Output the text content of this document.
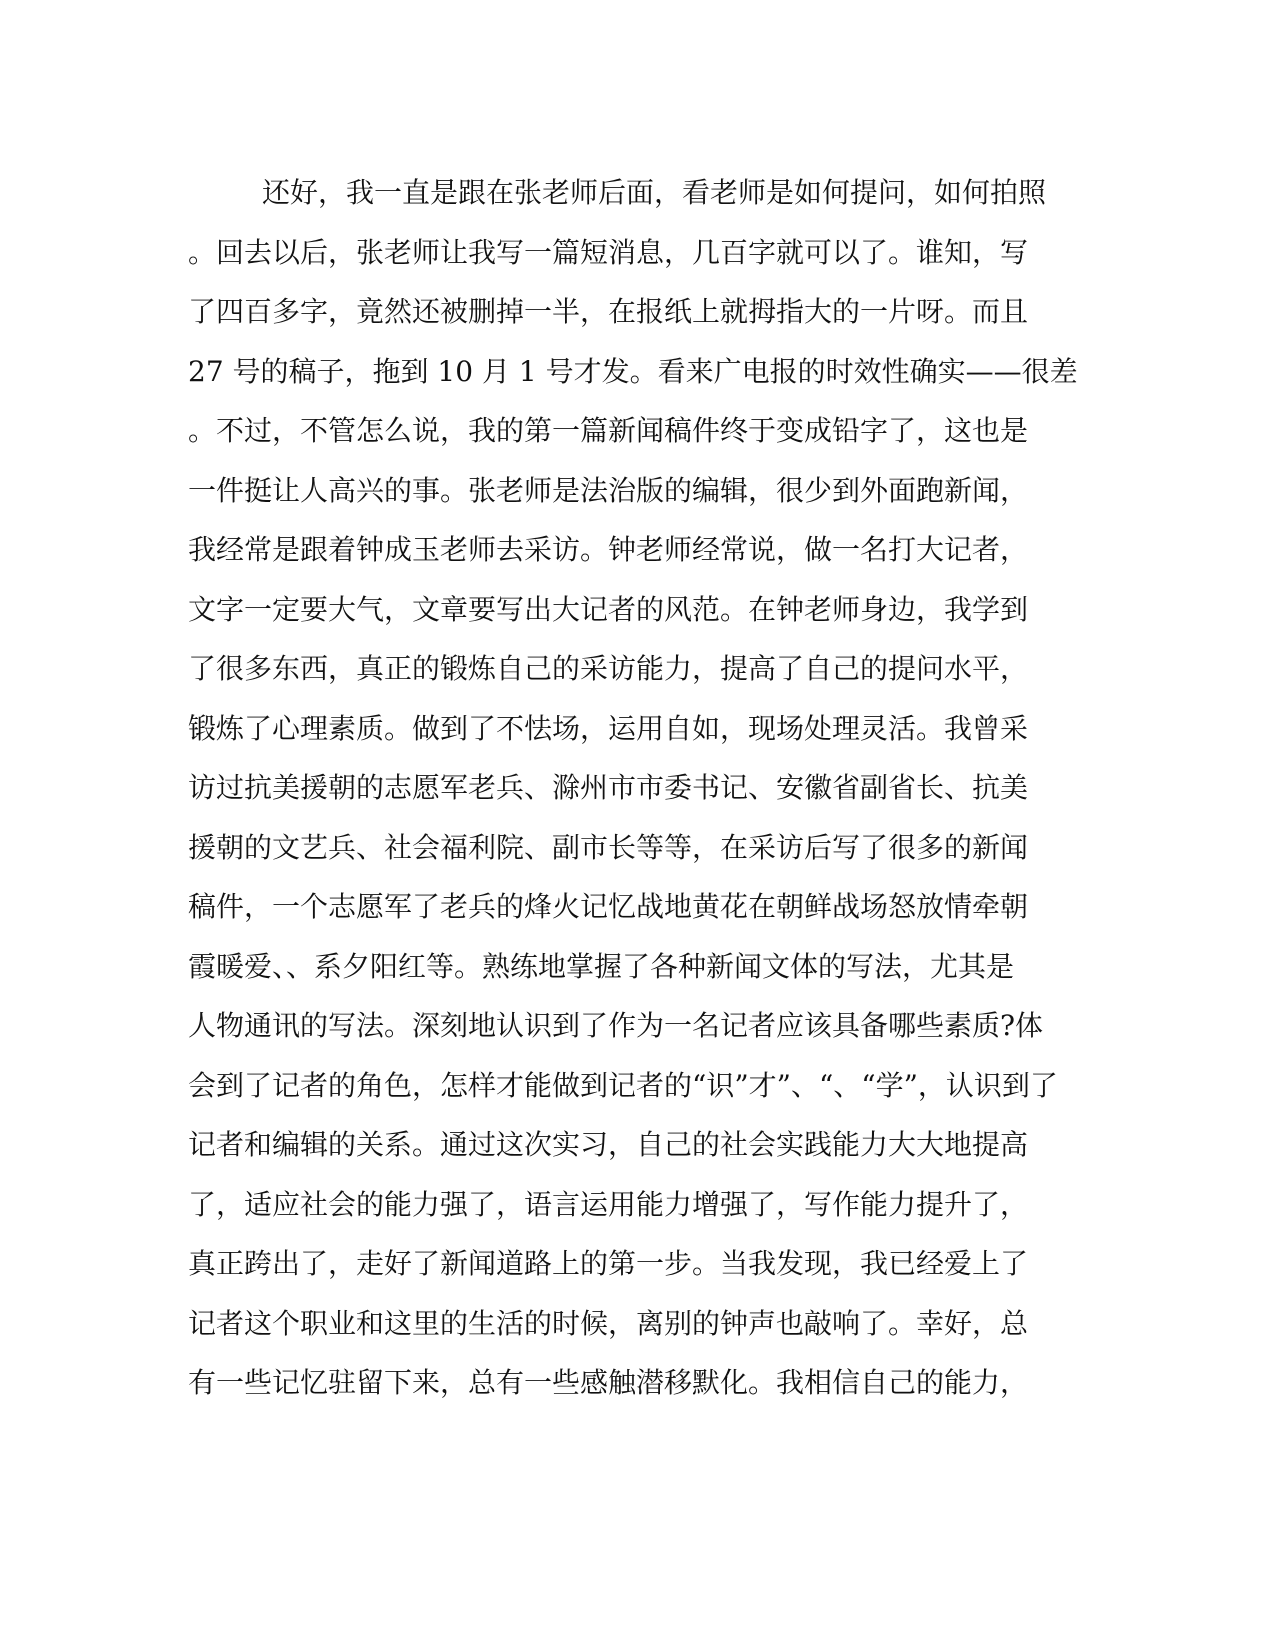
还好，我一直是跟在张老师后面，看老师是如何提问，如何拍照
。回去以后，张老师让我写一篇短消息，几百字就可以了。谁知，写
了四百多字，竟然还被删掉一半，在报纸上就拇指大的一片呀。而且
27 号的稿子，拖到 10 月 1 号才发。看来广电报的时效性确实——很差
。不过，不管怎么说，我的第一篇新闻稿件终于变成铅字了，这也是
一件挺让人高兴的事。张老师是法治版的编辑，很少到外面跑新闻，
我经常是跟着钟成玉老师去采访。钟老师经常说，做一名打大记者，
文字一定要大气，文章要写出大记者的风范。在钟老师身边，我学到
了很多东西，真正的锻炼自己的采访能力，提高了自己的提问水平，
锻炼了心理素质。做到了不怯场，运用自如，现场处理灵活。我曾采
访过抗美援朝的志愿军老兵、滁州市市委书记、安徽省副省长、抗美
援朝的文艺兵、社会福利院、副市长等等，在采访后写了很多的新闻
稿件，一个志愿军了老兵的烽火记忆战地黄花在朝鲜战场怒放情牵朝
霞暖爱、、系夕阳红等。熟练地掌握了各种新闻文体的写法，尤其是
人物通讯的写法。深刻地认识到了作为一名记者应该具备哪些素质?体
会到了记者的角色，怎样才能做到记者的“识”才”、“、“学”，认识到了
记者和编辑的关系。通过这次实习，自己的社会实践能力大大地提高
了，适应社会的能力强了，语言运用能力增强了，写作能力提升了，
真正跨出了，走好了新闻道路上的第一步。当我发现，我已经爱上了
记者这个职业和这里的生活的时候，离别的钟声也敲响了。幸好，总
有一些记忆驻留下来，总有一些感触潜移默化。我相信自己的能力，
